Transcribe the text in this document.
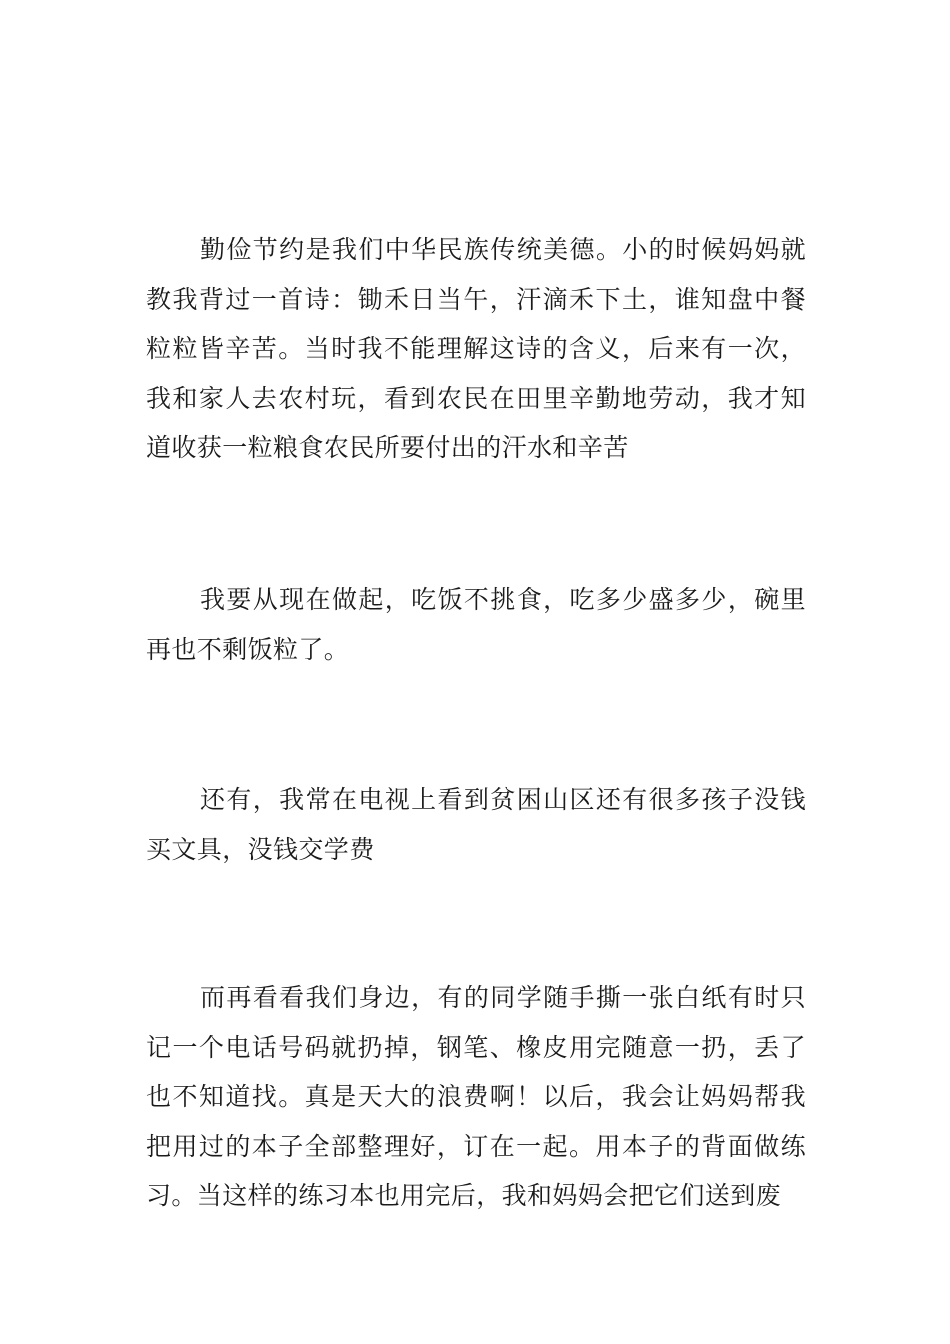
勤俭节约是我们中华民族传统美德。小的时候妈妈就教我背过一首诗：锄禾日当午，汗滴禾下土，谁知盘中餐粒粒皆辛苦。当时我不能理解这诗的含义，后来有一次，我和家人去农村玩，看到农民在田里辛勤地劳动，我才知道收获一粒粮食农民所要付出的汗水和辛苦

我要从现在做起，吃饭不挑食，吃多少盛多少，碗里再也不剩饭粒了。

还有，我常在电视上看到贫困山区还有很多孩子没钱买文具，没钱交学费

而再看看我们身边，有的同学随手撕一张白纸有时只记一个电话号码就扔掉，钢笔、橡皮用完随意一扔，丢了也不知道找。真是天大的浪费啊！以后，我会让妈妈帮我把用过的本子全部整理好，订在一起。用本子的背面做练习。当这样的练习本也用完后，我和妈妈会把它们送到废
